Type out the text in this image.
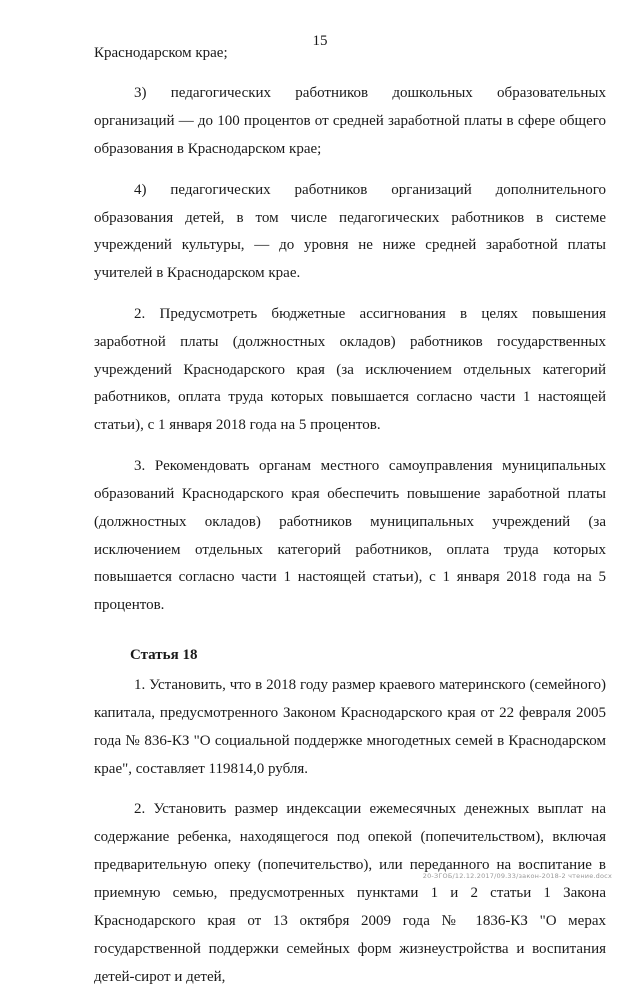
15

Краснодарском крае;

3) педагогических работников дошкольных образовательных организаций — до 100 процентов от средней заработной платы в сфере общего образования в Краснодарском крае;

4) педагогических работников организаций дополнительного образования детей, в том числе педагогических работников в системе учреждений культуры, — до уровня не ниже средней заработной платы учителей в Краснодарском крае.

2. Предусмотреть бюджетные ассигнования в целях повышения заработной платы (должностных окладов) работников государственных учреждений Краснодарского края (за исключением отдельных категорий работников, оплата труда которых повышается согласно части 1 настоящей статьи), с 1 января 2018 года на 5 процентов.

3. Рекомендовать органам местного самоуправления муниципальных образований Краснодарского края обеспечить повышение заработной платы (должностных окладов) работников муниципальных учреждений (за исключением отдельных категорий работников, оплата труда которых повышается согласно части 1 настоящей статьи), с 1 января 2018 года на 5 процентов.

Статья 18

1. Установить, что в 2018 году размер краевого материнского (семейного) капитала, предусмотренного Законом Краснодарского края от 22 февраля 2005 года № 836-КЗ "О социальной поддержке многодетных семей в Краснодарском крае", составляет 119814,0 рубля.

2. Установить размер индексации ежемесячных денежных выплат на содержание ребенка, находящегося под опекой (попечительством), включая предварительную опеку (попечительство), или переданного на воспитание в приемную семью, предусмотренных пунктами 1 и 2 статьи 1 Закона Краснодарского края от 13 октября 2009 года № 1836-КЗ "О мерах государственной поддержки семейных форм жизнеустройства и воспитания детей-сирот и детей,

20-ЗГОБ/12.12.2017/09.33/закон-2018-2 чтение.docx
